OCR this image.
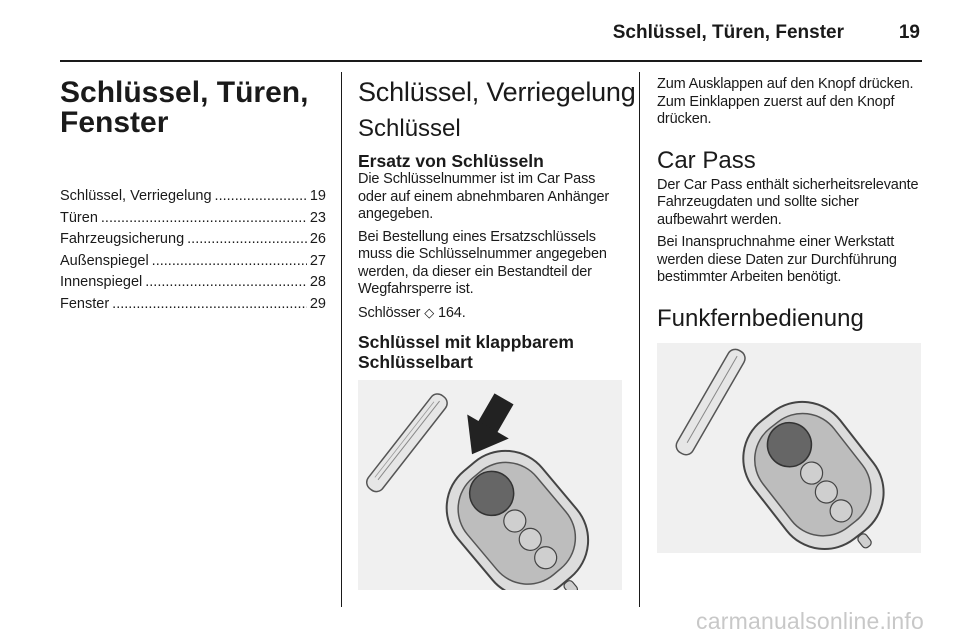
Schlüssel, Türen, Fenster	19
Schlüssel, Türen, Fenster
Schlüssel, Verriegelung .....	19
Türen .....	23
Fahrzeugsicherung .....	26
Außenspiegel .....	27
Innenspiegel .....	28
Fenster .....	29
Schlüssel, Verriegelung
Schlüssel
Ersatz von Schlüsseln

Die Schlüsselnummer ist im Car Pass oder auf einem abnehmbaren Anhänger angegeben.

Bei Bestellung eines Ersatzschlüssels muss die Schlüsselnummer angegeben werden, da dieser ein Bestandteil der Wegfahrsperre ist.

Schlösser ◇ 164.

Schlüssel mit klappbarem Schlüsselbart

Zum Ausklappen auf den Knopf drücken. Zum Einklappen zuerst auf den Knopf drücken.

Car Pass

Der Car Pass enthält sicherheitsrelevante Fahrzeugdaten und sollte sicher aufbewahrt werden.

Bei Inanspruchnahme einer Werkstatt werden diese Daten zur Durchführung bestimmter Arbeiten benötigt.

Funkfernbedienung
carmanualsonline.info
